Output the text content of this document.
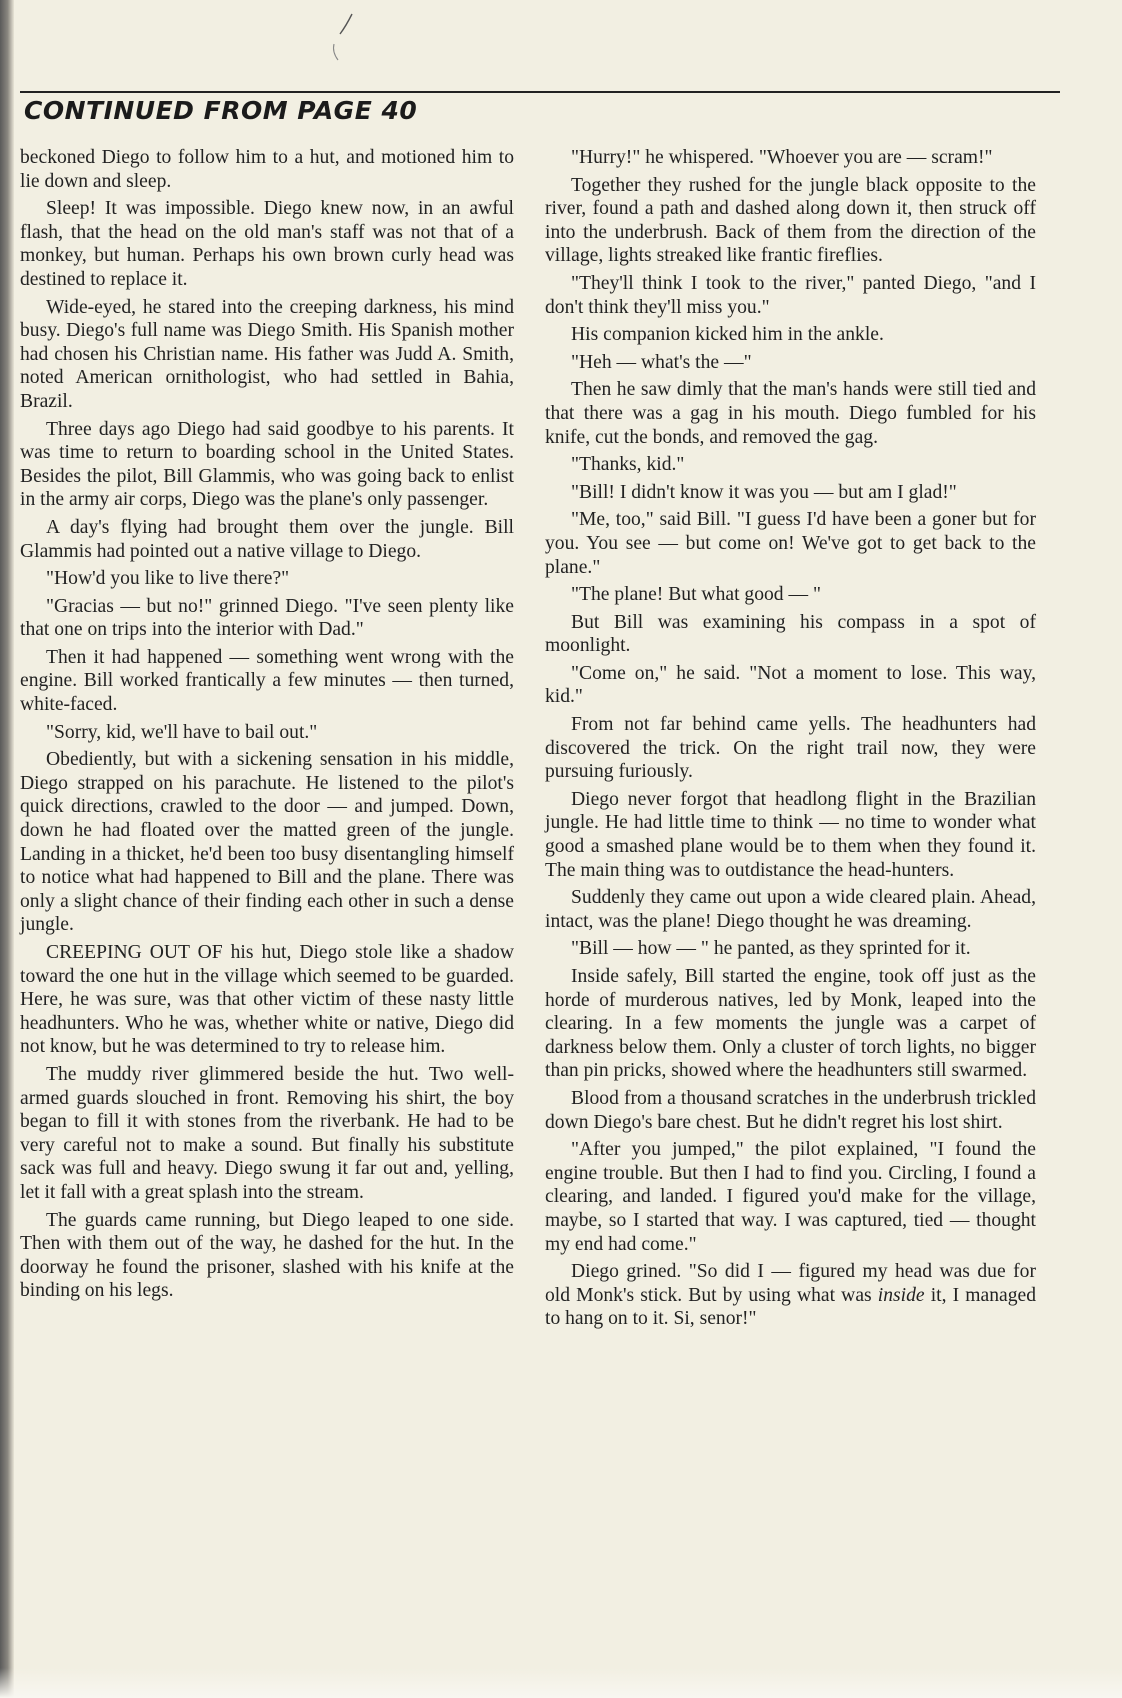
CONTINUED FROM PAGE 40

beckoned Diego to follow him to a hut, and motioned him to lie down and sleep.

Sleep! It was impossible. Diego knew now, in an awful flash, that the head on the old man's staff was not that of a monkey, but human. Perhaps his own brown curly head was destined to replace it.

Wide-eyed, he stared into the creeping darkness, his mind busy. Diego's full name was Diego Smith. His Spanish mother had chosen his Christian name. His father was Judd A. Smith, noted American ornithologist, who had settled in Bahia, Brazil.

Three days ago Diego had said goodbye to his parents. It was time to return to boarding school in the United States. Besides the pilot, Bill Glammis, who was going back to enlist in the army air corps, Diego was the plane's only passenger.

A day's flying had brought them over the jungle. Bill Glammis had pointed out a native village to Diego.

"How'd you like to live there?"

"Gracias — but no!" grinned Diego. "I've seen plenty like that one on trips into the interior with Dad."

Then it had happened — something went wrong with the engine. Bill worked frantically a few minutes — then turned, white-faced.

"Sorry, kid, we'll have to bail out."

Obediently, but with a sickening sensation in his middle, Diego strapped on his parachute. He listened to the pilot's quick directions, crawled to the door — and jumped. Down, down he had floated over the matted green of the jungle. Landing in a thicket, he'd been too busy disentangling himself to notice what had happened to Bill and the plane. There was only a slight chance of their finding each other in such a dense jungle.

CREEPING OUT OF his hut, Diego stole like a shadow toward the one hut in the village which seemed to be guarded. Here, he was sure, was that other victim of these nasty little headhunters. Who he was, whether white or native, Diego did not know, but he was determined to try to release him.

The muddy river glimmered beside the hut. Two well-armed guards slouched in front. Removing his shirt, the boy began to fill it with stones from the riverbank. He had to be very careful not to make a sound. But finally his substitute sack was full and heavy. Diego swung it far out and, yelling, let it fall with a great splash into the stream.

The guards came running, but Diego leaped to one side. Then with them out of the way, he dashed for the hut. In the doorway he found the prisoner, slashed with his knife at the binding on his legs.

"Hurry!" he whispered. "Whoever you are — scram!"

Together they rushed for the jungle black opposite to the river, found a path and dashed along down it, then struck off into the underbrush. Back of them from the direction of the village, lights streaked like frantic fireflies.

"They'll think I took to the river," panted Diego, "and I don't think they'll miss you."

His companion kicked him in the ankle.

"Heh — what's the —"

Then he saw dimly that the man's hands were still tied and that there was a gag in his mouth. Diego fumbled for his knife, cut the bonds, and removed the gag.

"Thanks, kid."

"Bill! I didn't know it was you — but am I glad!"

"Me, too," said Bill. "I guess I'd have been a goner but for you. You see — but come on! We've got to get back to the plane."

"The plane! But what good — "

But Bill was examining his compass in a spot of moonlight.

"Come on," he said. "Not a moment to lose. This way, kid."

From not far behind came yells. The headhunters had discovered the trick. On the right trail now, they were pursuing furiously.

Diego never forgot that headlong flight in the Brazilian jungle. He had little time to think — no time to wonder what good a smashed plane would be to them when they found it. The main thing was to outdistance the head-hunters.

Suddenly they came out upon a wide cleared plain. Ahead, intact, was the plane! Diego thought he was dreaming.

"Bill — how — " he panted, as they sprinted for it.

Inside safely, Bill started the engine, took off just as the horde of murderous natives, led by Monk, leaped into the clearing. In a few moments the jungle was a carpet of darkness below them. Only a cluster of torch lights, no bigger than pin pricks, showed where the headhunters still swarmed.

Blood from a thousand scratches in the underbrush trickled down Diego's bare chest. But he didn't regret his lost shirt.

"After you jumped," the pilot explained, "I found the engine trouble. But then I had to find you. Circling, I found a clearing, and landed. I figured you'd make for the village, maybe, so I started that way. I was captured, tied — thought my end had come."

Diego grined. "So did I — figured my head was due for old Monk's stick. But by using what was inside it, I managed to hang on to it. Si, senor!"
